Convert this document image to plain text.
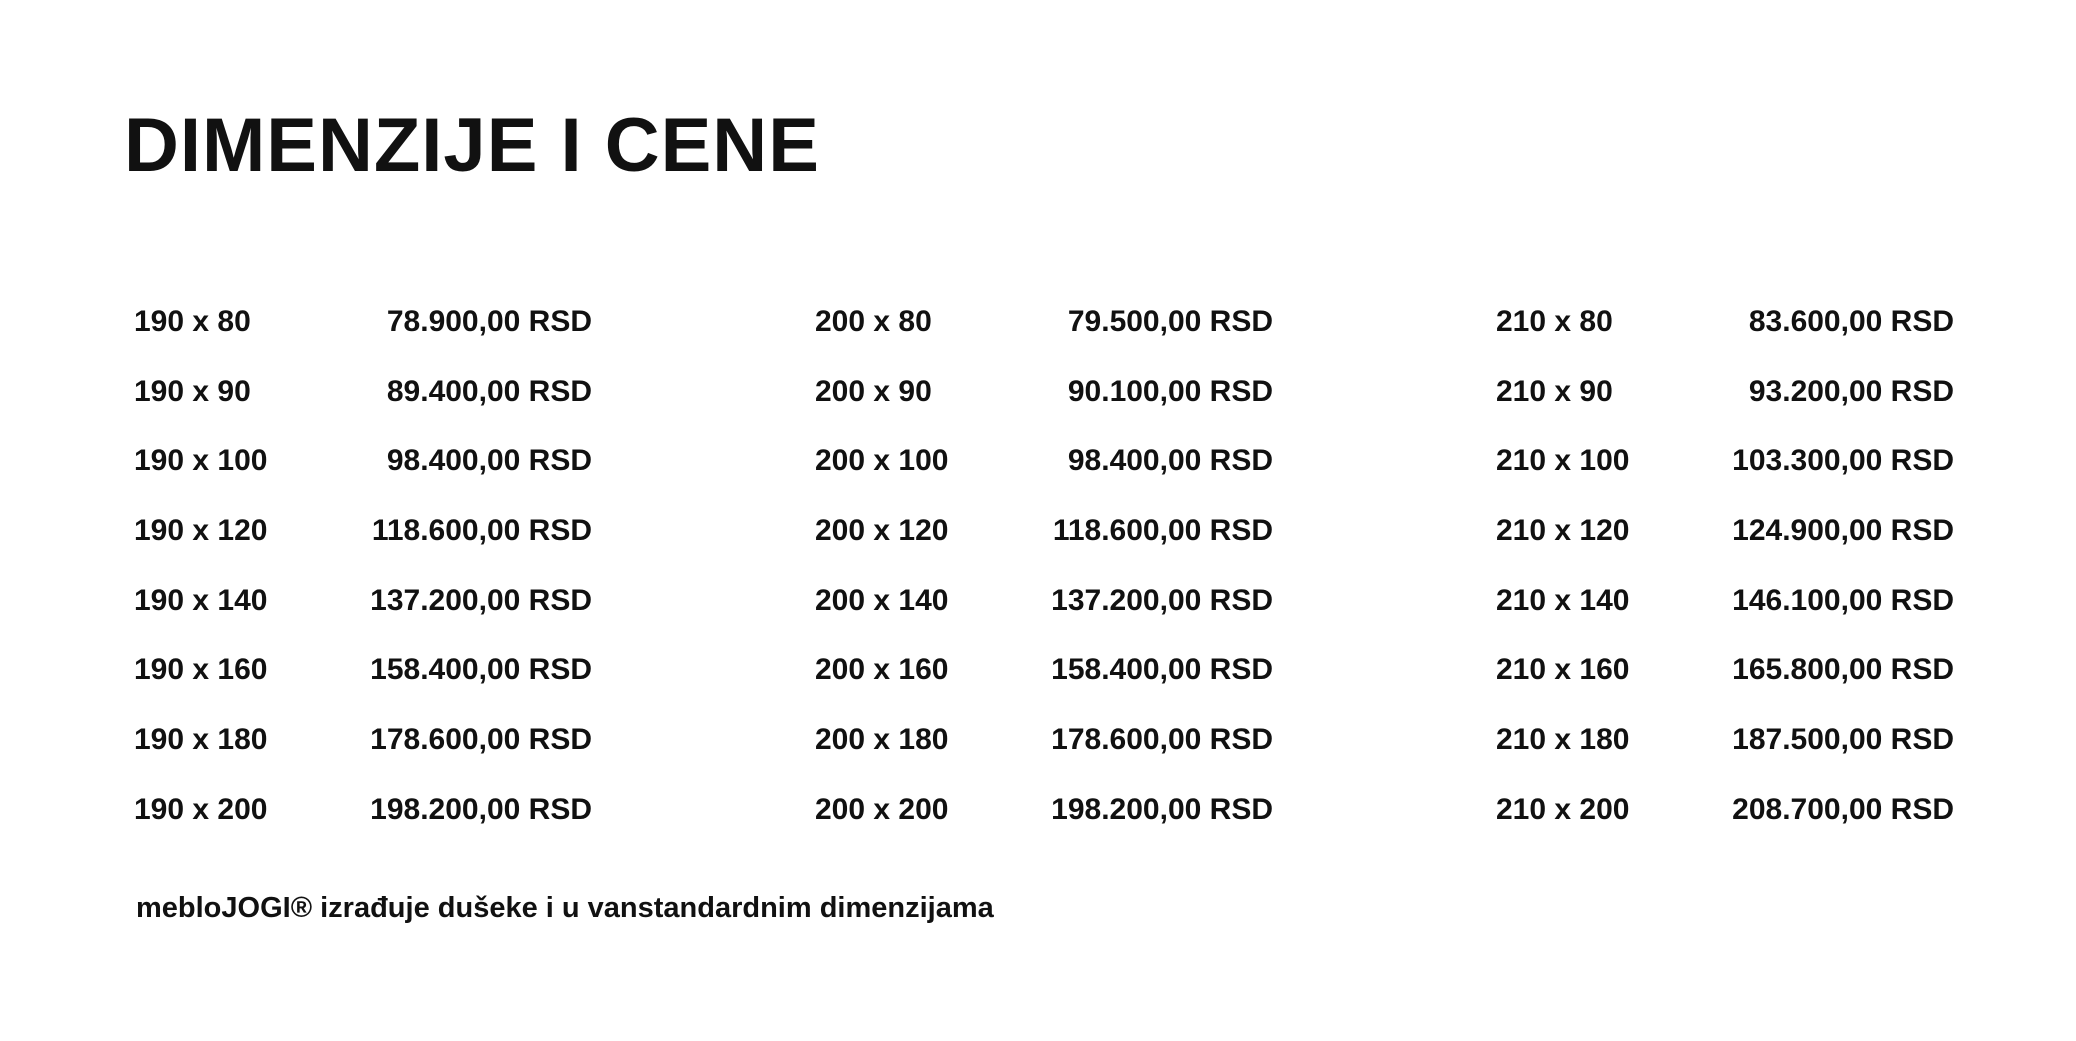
DIMENZIJE I CENE
190 x 80	78.900,00 RSD
190 x 90	89.400,00 RSD
190 x 100	98.400,00 RSD
190 x 120	118.600,00 RSD
190 x 140	137.200,00 RSD
190 x 160	158.400,00 RSD
190 x 180	178.600,00 RSD
190 x 200	198.200,00 RSD
200 x 80	79.500,00 RSD
200 x 90	90.100,00 RSD
200 x 100	98.400,00 RSD
200 x 120	118.600,00 RSD
200 x 140	137.200,00 RSD
200 x 160	158.400,00 RSD
200 x 180	178.600,00 RSD
200 x 200	198.200,00 RSD
210 x 80	83.600,00 RSD
210 x 90	93.200,00 RSD
210 x 100	103.300,00 RSD
210 x 120	124.900,00 RSD
210 x 140	146.100,00 RSD
210 x 160	165.800,00 RSD
210 x 180	187.500,00 RSD
210 x 200	208.700,00 RSD

mebloJOGI® izrađuje dušeke i u vanstandardnim dimenzijama
